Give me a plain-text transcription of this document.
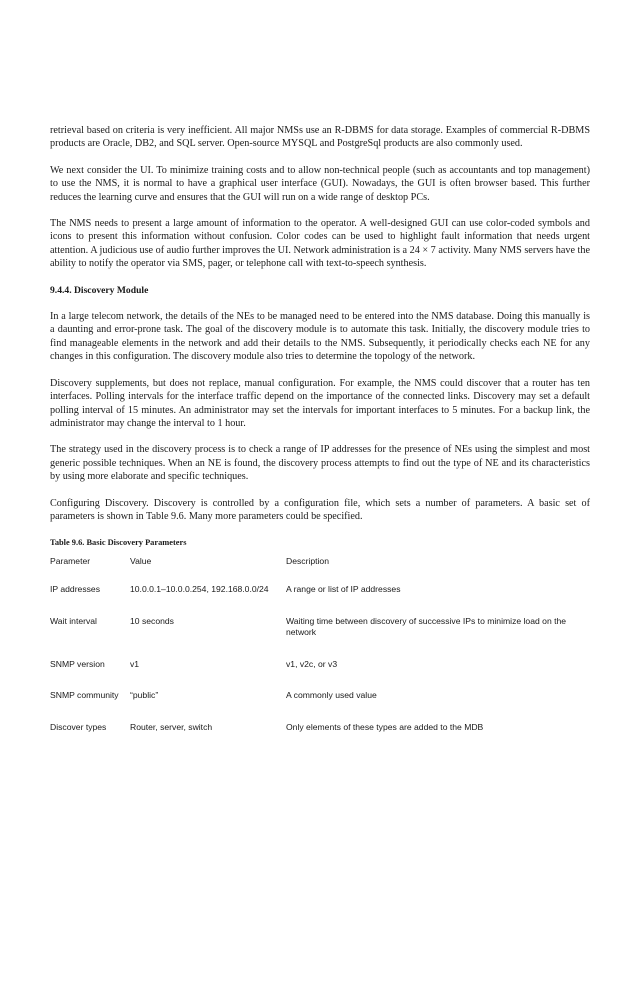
retrieval based on criteria is very inefficient. All major NMSs use an R-DBMS for data storage. Examples of commercial R-DBMS products are Oracle, DB2, and SQL server. Open-source MYSQL and PostgreSql products are also commonly used.

We next consider the UI. To minimize training costs and to allow non-technical people (such as accountants and top management) to use the NMS, it is normal to have a graphical user interface (GUI). Nowadays, the GUI is often browser based. This further reduces the learning curve and ensures that the GUI will run on a wide range of desktop PCs.

The NMS needs to present a large amount of information to the operator. A well-designed GUI can use color-coded symbols and icons to present this information without confusion. Color codes can be used to highlight fault information that needs urgent attention. A judicious use of audio further improves the UI. Network administration is a 24 × 7 activity. Many NMS servers have the ability to notify the operator via SMS, pager, or telephone call with text-to-speech synthesis.

9.4.4. Discovery Module

In a large telecom network, the details of the NEs to be managed need to be entered into the NMS database. Doing this manually is a daunting and error-prone task. The goal of the discovery module is to automate this task. Initially, the discovery module tries to find manageable elements in the network and add their details to the NMS. Subsequently, it periodically checks each NE for any changes in this configuration. The discovery module also tries to determine the topology of the network.

Discovery supplements, but does not replace, manual configuration. For example, the NMS could discover that a router has ten interfaces. Polling intervals for the interface traffic depend on the importance of the connected links. Discovery may set a default polling interval of 15 minutes. An administrator may set the intervals for important interfaces to 5 minutes. For a backup link, the administrator may change the interval to 1 hour.

The strategy used in the discovery process is to check a range of IP addresses for the presence of NEs using the simplest and most generic possible techniques. When an NE is found, the discovery process attempts to find out the type of NE and its characteristics by using more elaborate and specific techniques.

Configuring Discovery. Discovery is controlled by a configuration file, which sets a number of parameters. A basic set of parameters is shown in Table 9.6. Many more parameters could be specified.

Table 9.6. Basic Discovery Parameters

Parameter	Value	Description
IP addresses	10.0.0.1–10.0.0.254, 192.168.0.0/24	A range or list of IP addresses
Wait interval	10 seconds	Waiting time between discovery of successive IPs to minimize load on the network
SNMP version	v1	v1, v2c, or v3
SNMP community	“public”	A commonly used value
Discover types	Router, server, switch	Only elements of these types are added to the MDB
